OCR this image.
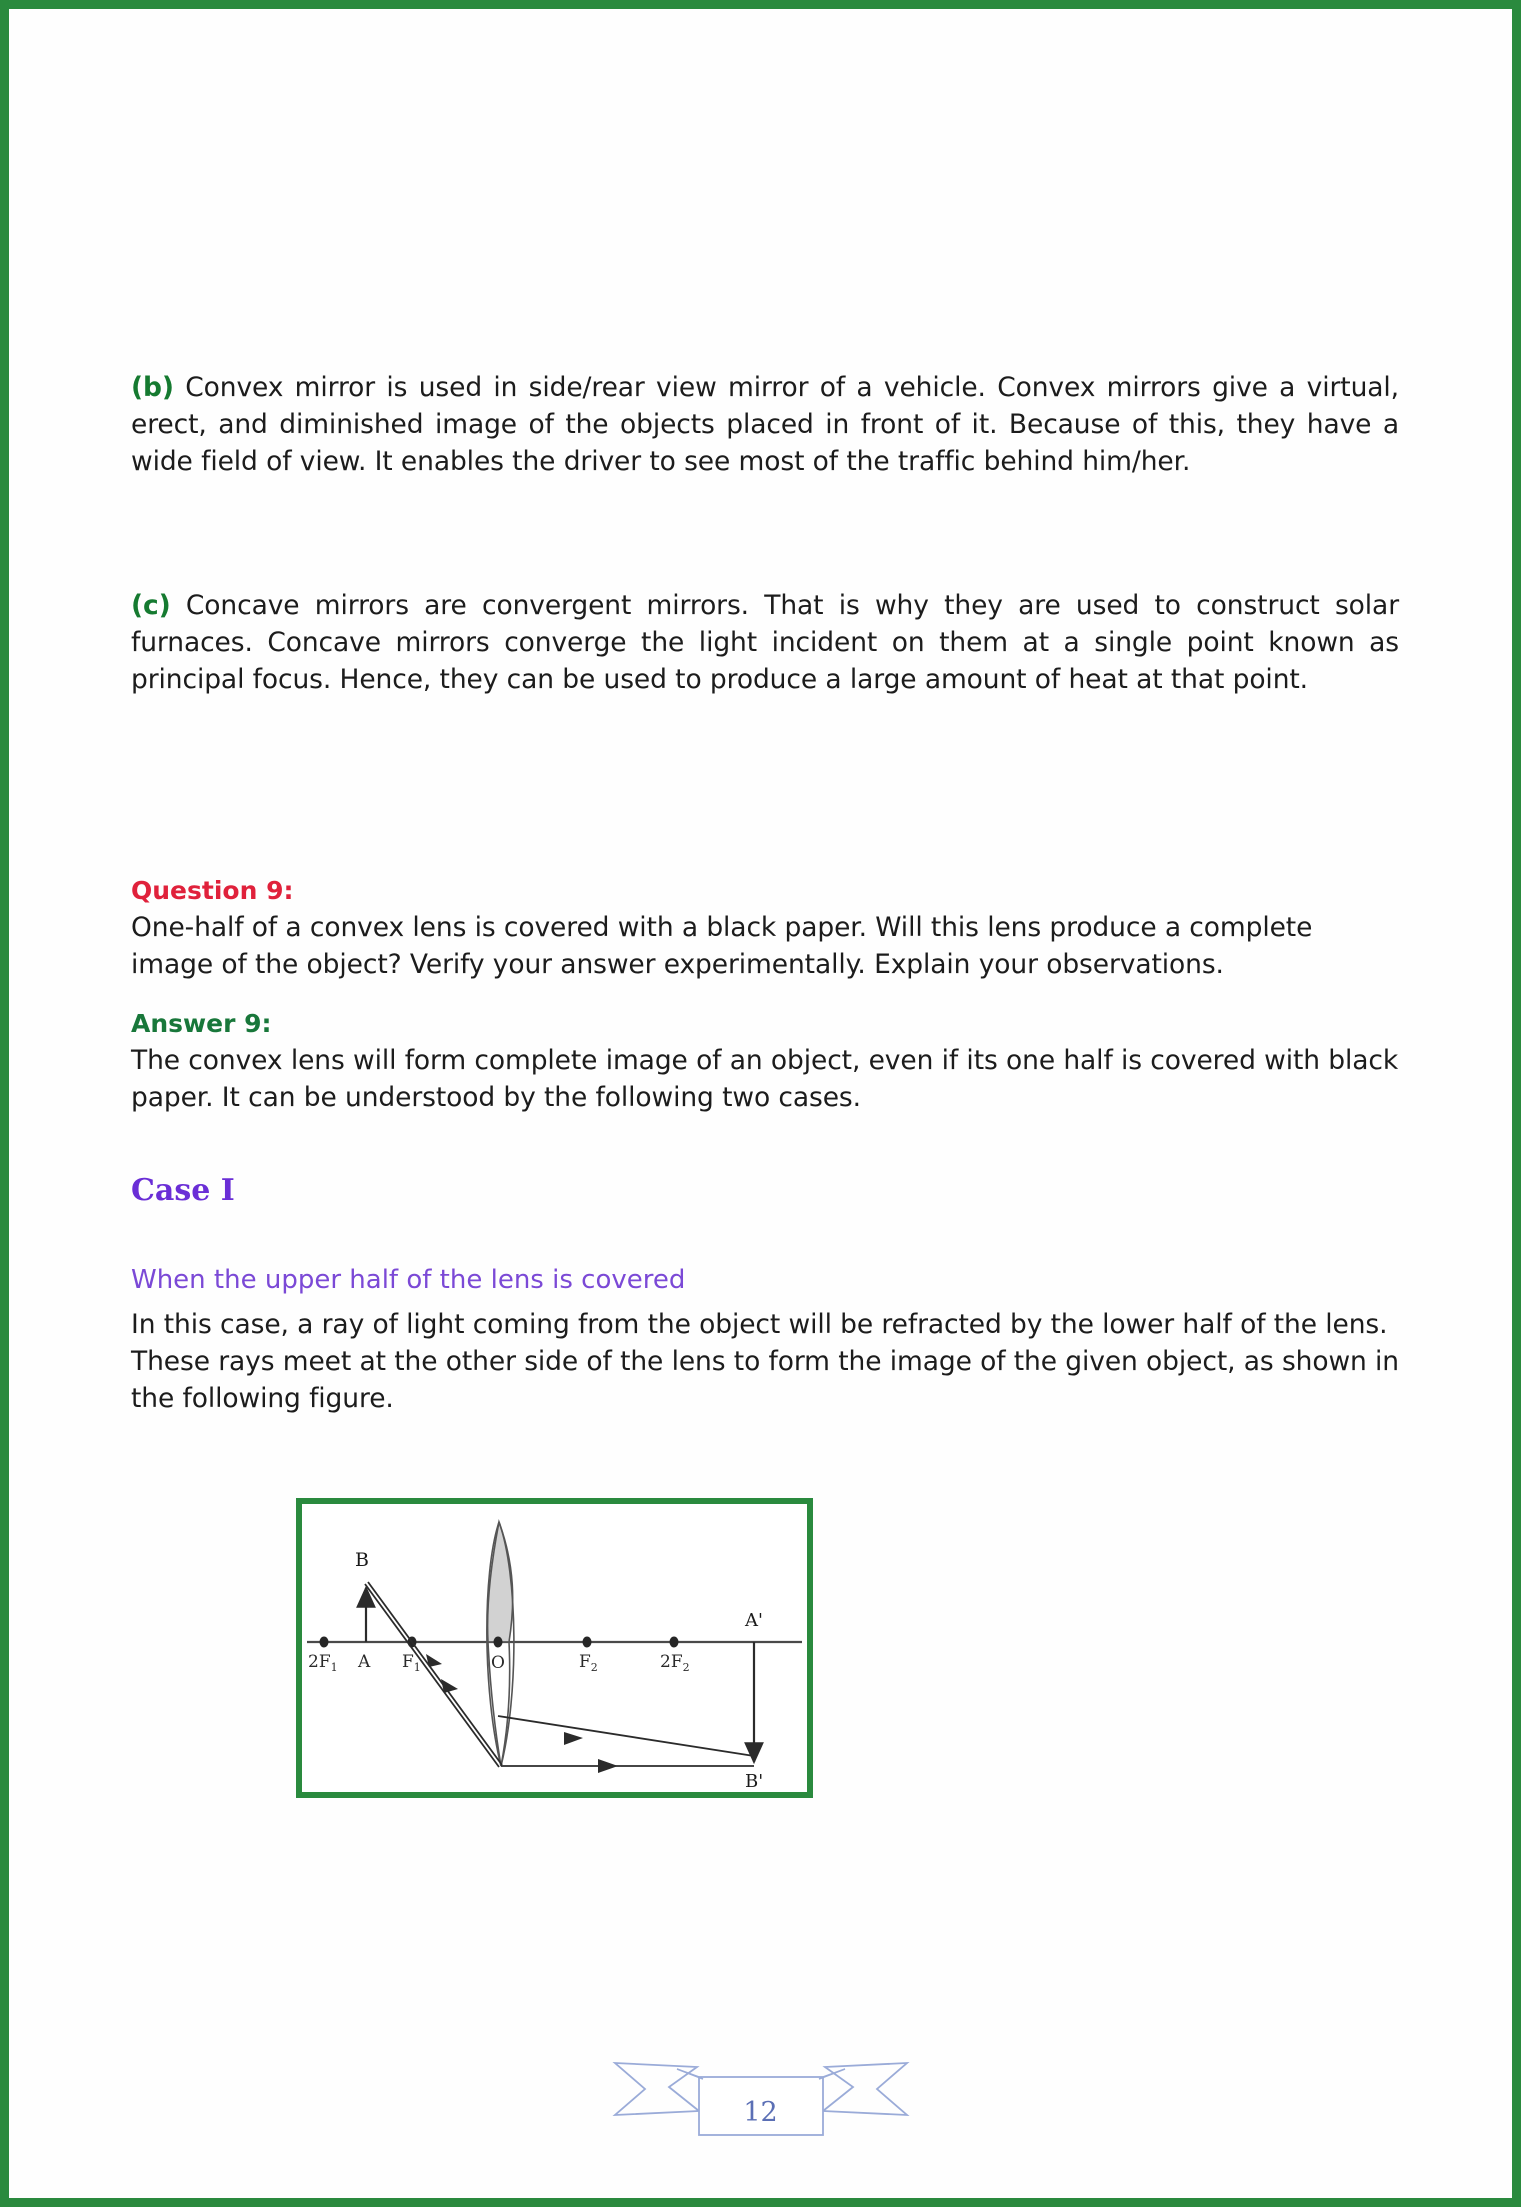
(b) Convex mirror is used in side/rear view mirror of a vehicle. Convex mirrors give a virtual, erect, and diminished image of the objects placed in front of it. Because of this, they have a wide field of view. It enables the driver to see most of the traffic behind him/her.

(c) Concave mirrors are convergent mirrors. That is why they are used to construct solar furnaces. Concave mirrors converge the light incident on them at a single point known as principal focus. Hence, they can be used to produce a large amount of heat at that point.

Question 9:

One-half of a convex lens is covered with a black paper. Will this lens produce a complete image of the object? Verify your answer experimentally. Explain your observations.

Answer 9:

The convex lens will form complete image of an object, even if its one half is covered with black paper. It can be understood by the following two cases.

Case I
When the upper half of the lens is covered

In this case, a ray of light coming from the object will be refracted by the lower half of the lens. These rays meet at the other side of the lens to form the image of the given object, as shown in the following figure.

B
$2F_1$ A $F_1$	O	$F_2$	$2F_2$
A'
B'
12
